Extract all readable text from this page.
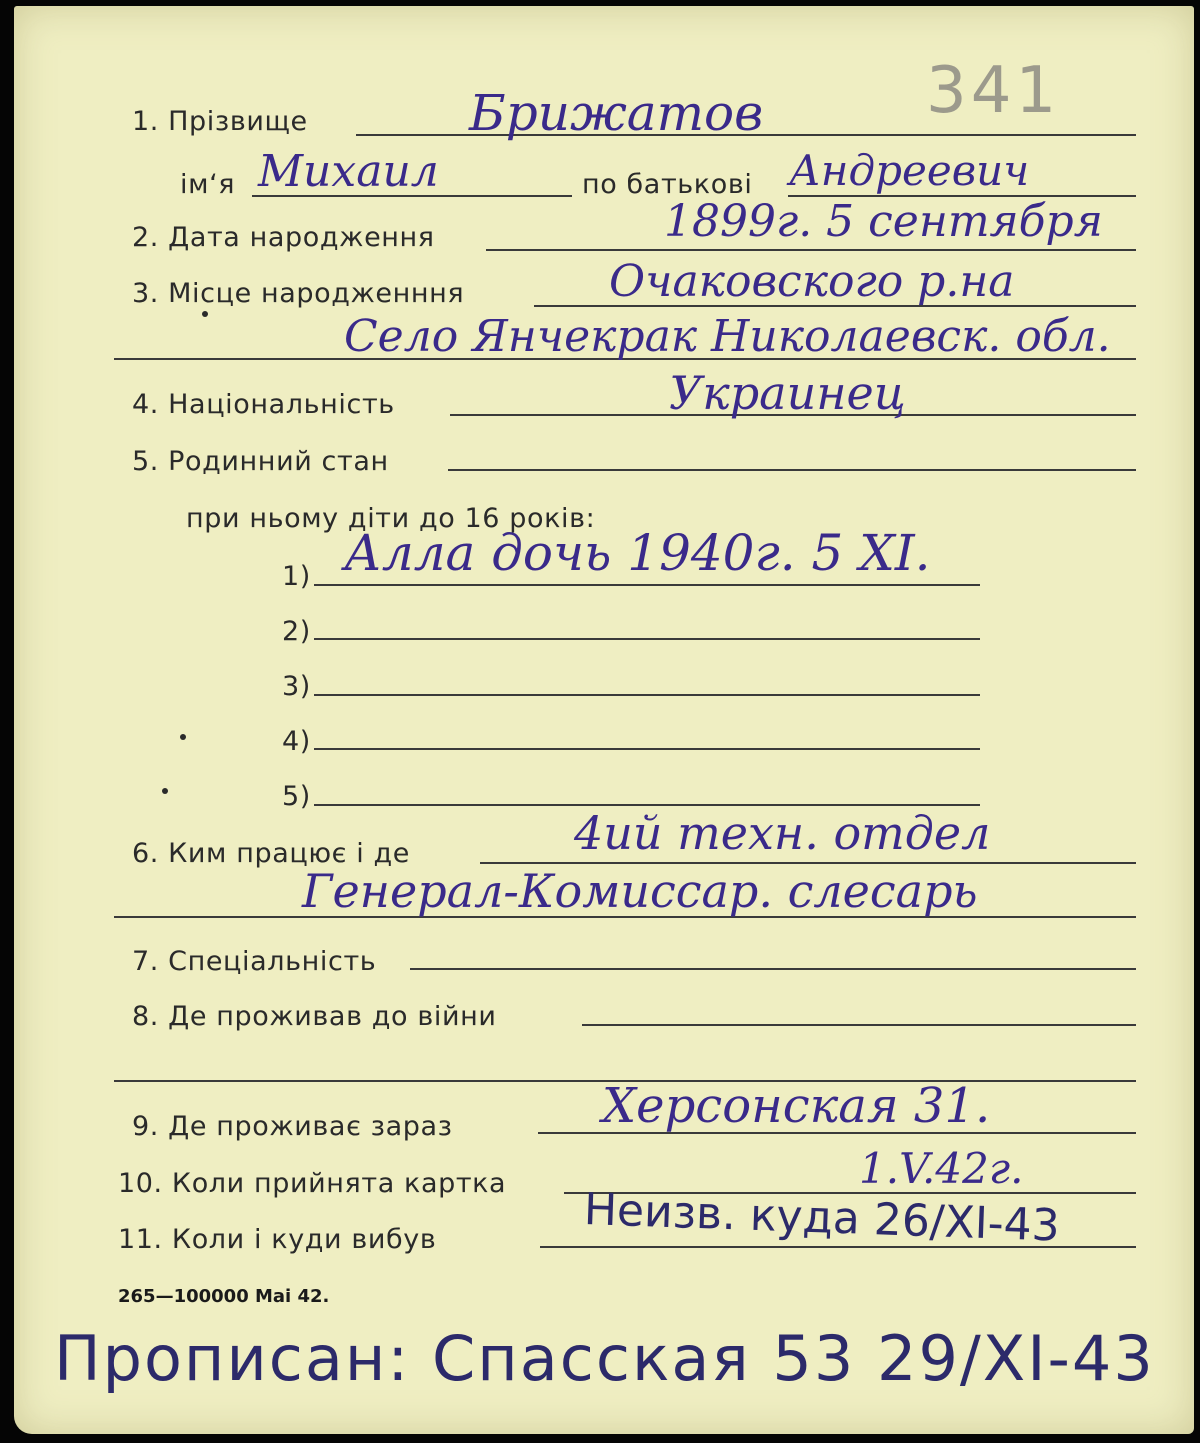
341
1. Прізвище	Брижатов
ім‘я Михаил	по батькові Андреевич
2. Дата народження	1899г. 5 сентября
3. Місце народженння	Очаковского р.на
Село Янчекрак Николаевск. обл.
4. Національність	Украинец
5. Родинний стан
при ньому діти до 16 років:
1) Алла дочь 1940г. 5 XI.
2)
3)
4)
5)
6. Ким працює і де	4ий техн. отдел
Генерал-Комиссар. слесарь
7. Спеціальність
8. Де проживав до війни
9. Де проживає зараз	Херсонская 31.
10. Коли прийнята картка	1.V.42г.
11. Коли і куди вибув	Неизв. куда 26/XI-43
265—100000 Mai 42.
Прописан: Спасская 53 29/XI-43
